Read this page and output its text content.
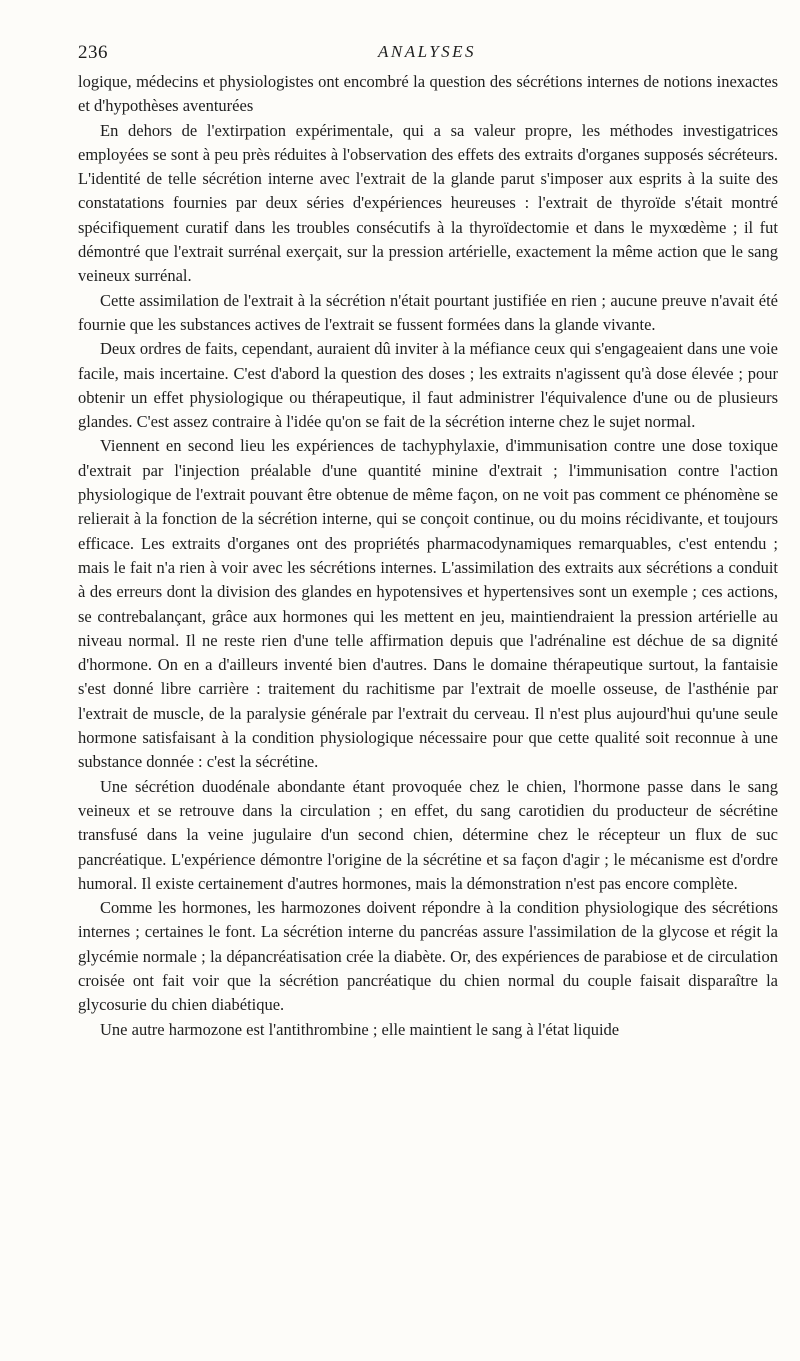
236	ANALYSES

logique, médecins et physiologistes ont encombré la question des sécrétions internes de notions inexactes et d'hypothèses aventurées

En dehors de l'extirpation expérimentale, qui a sa valeur propre, les méthodes investigatrices employées se sont à peu près réduites à l'observation des effets des extraits d'organes supposés sécréteurs. L'identité de telle sécrétion interne avec l'extrait de la glande parut s'imposer aux esprits à la suite des constatations fournies par deux séries d'expériences heureuses : l'extrait de thyroïde s'était montré spécifiquement curatif dans les troubles consécutifs à la thyroïdectomie et dans le myxœdème ; il fut démontré que l'extrait surrénal exerçait, sur la pression artérielle, exactement la même action que le sang veineux surrénal.

Cette assimilation de l'extrait à la sécrétion n'était pourtant justifiée en rien ; aucune preuve n'avait été fournie que les substances actives de l'extrait se fussent formées dans la glande vivante.

Deux ordres de faits, cependant, auraient dû inviter à la méfiance ceux qui s'engageaient dans une voie facile, mais incertaine. C'est d'abord la question des doses ; les extraits n'agissent qu'à dose élevée ; pour obtenir un effet physiologique ou thérapeutique, il faut administrer l'équivalence d'une ou de plusieurs glandes. C'est assez contraire à l'idée qu'on se fait de la sécrétion interne chez le sujet normal.

Viennent en second lieu les expériences de tachyphylaxie, d'immunisation contre une dose toxique d'extrait par l'injection préalable d'une quantité minine d'extrait ; l'immunisation contre l'action physiologique de l'extrait pouvant être obtenue de même façon, on ne voit pas comment ce phénomène se relierait à la fonction de la sécrétion interne, qui se conçoit continue, ou du moins récidivante, et toujours efficace. Les extraits d'organes ont des propriétés pharmacodynamiques remarquables, c'est entendu ; mais le fait n'a rien à voir avec les sécrétions internes. L'assimilation des extraits aux sécrétions a conduit à des erreurs dont la division des glandes en hypotensives et hypertensives sont un exemple ; ces actions, se contrebalançant, grâce aux hormones qui les mettent en jeu, maintiendraient la pression artérielle au niveau normal. Il ne reste rien d'une telle affirmation depuis que l'adrénaline est déchue de sa dignité d'hormone. On en a d'ailleurs inventé bien d'autres. Dans le domaine thérapeutique surtout, la fantaisie s'est donné libre carrière : traitement du rachitisme par l'extrait de moelle osseuse, de l'asthénie par l'extrait de muscle, de la paralysie générale par l'extrait du cerveau. Il n'est plus aujourd'hui qu'une seule hormone satisfaisant à la condition physiologique nécessaire pour que cette qualité soit reconnue à une substance donnée : c'est la sécrétine.

Une sécrétion duodénale abondante étant provoquée chez le chien, l'hormone passe dans le sang veineux et se retrouve dans la circulation ; en effet, du sang carotidien du producteur de sécrétine transfusé dans la veine jugulaire d'un second chien, détermine chez le récepteur un flux de suc pancréatique. L'expérience démontre l'origine de la sécrétine et sa façon d'agir ; le mécanisme est d'ordre humoral. Il existe certainement d'autres hormones, mais la démonstration n'est pas encore complète.

Comme les hormones, les harmozones doivent répondre à la condition physiologique des sécrétions internes ; certaines le font. La sécrétion interne du pancréas assure l'assimilation de la glycose et régit la glycémie normale ; la dépancréatisation crée la diabète. Or, des expériences de parabiose et de circulation croisée ont fait voir que la sécrétion pancréatique du chien normal du couple faisait disparaître la glycosurie du chien diabétique.

Une autre harmozone est l'antithrombine ; elle maintient le sang à l'état liquide
